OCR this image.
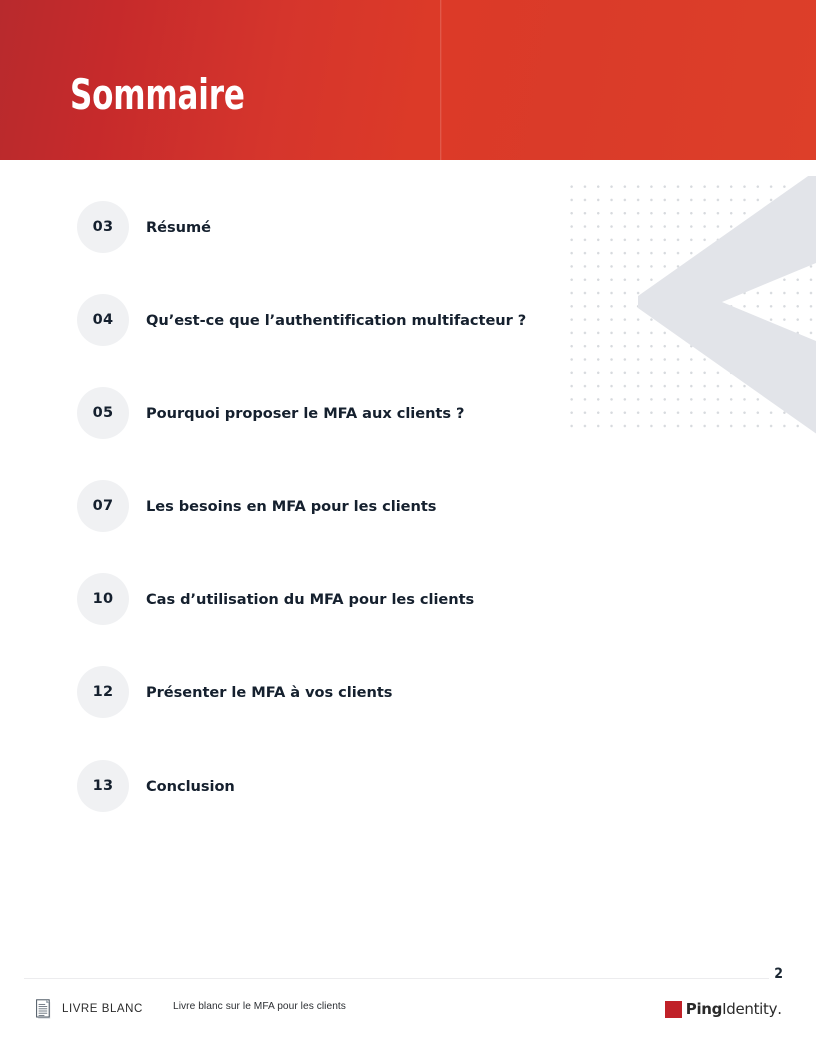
Sommaire
03 Résumé
04 Qu’est-ce que l’authentification multifacteur ?
05 Pourquoi proposer le MFA aux clients ?
07 Les besoins en MFA pour les clients
10 Cas d’utilisation du MFA pour les clients
12 Présenter le MFA à vos clients
13 Conclusion
2
LIVRE BLANC	Livre blanc sur le MFA pour les clients	PingIdentity.
